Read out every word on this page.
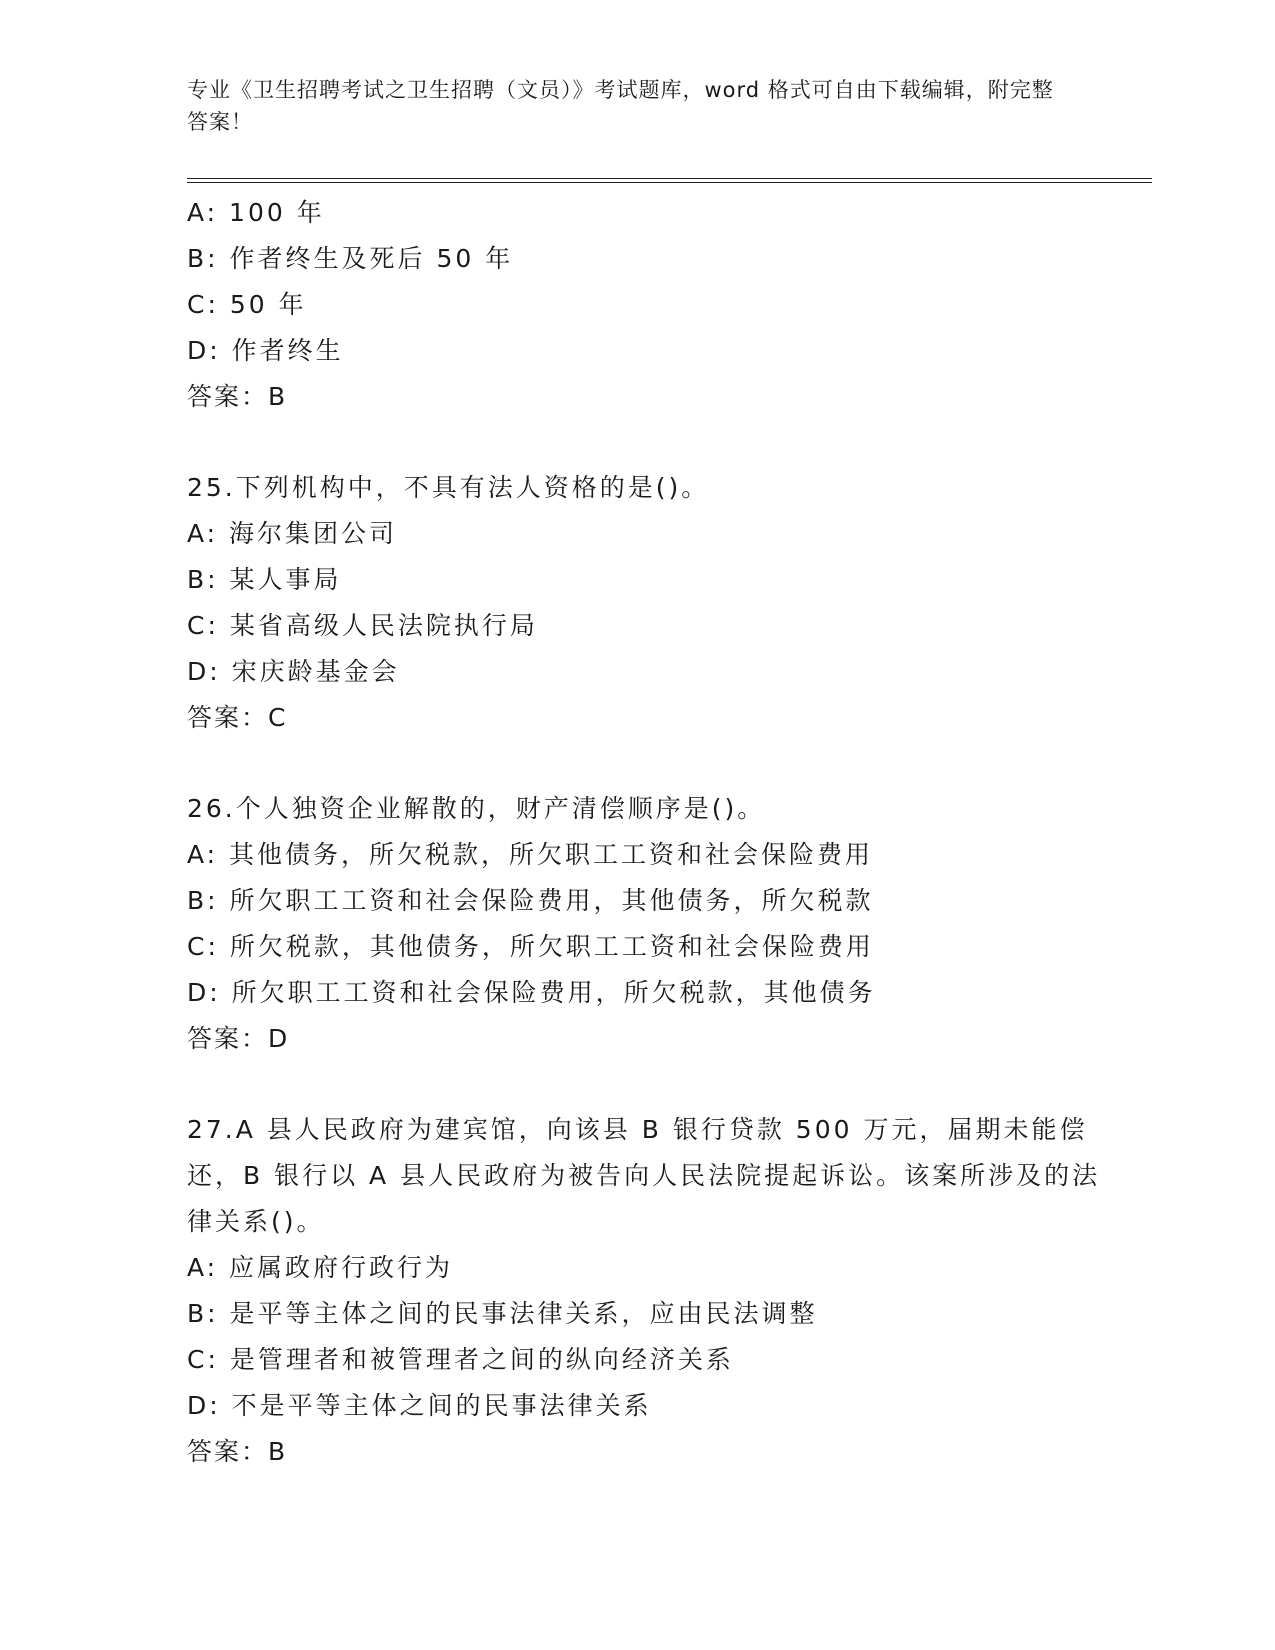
专业《卫生招聘考试之卫生招聘（文员）》考试题库，word 格式可自由下载编辑，附完整答案！
A: 100 年
B: 作者终生及死后 50 年
C: 50 年
D: 作者终生
答案：B
25.下列机构中，不具有法人资格的是()。
A: 海尔集团公司
B: 某人事局
C: 某省高级人民法院执行局
D: 宋庆龄基金会
答案：C
26.个人独资企业解散的，财产清偿顺序是()。
A: 其他债务，所欠税款，所欠职工工资和社会保险费用
B: 所欠职工工资和社会保险费用，其他债务，所欠税款
C: 所欠税款，其他债务，所欠职工工资和社会保险费用
D: 所欠职工工资和社会保险费用，所欠税款，其他债务
答案：D
27.A 县人民政府为建宾馆，向该县 B 银行贷款 500 万元，届期未能偿还，B 银行以 A 县人民政府为被告向人民法院提起诉讼。该案所涉及的法律关系()。
A: 应属政府行政行为
B: 是平等主体之间的民事法律关系，应由民法调整
C: 是管理者和被管理者之间的纵向经济关系
D: 不是平等主体之间的民事法律关系
答案：B
